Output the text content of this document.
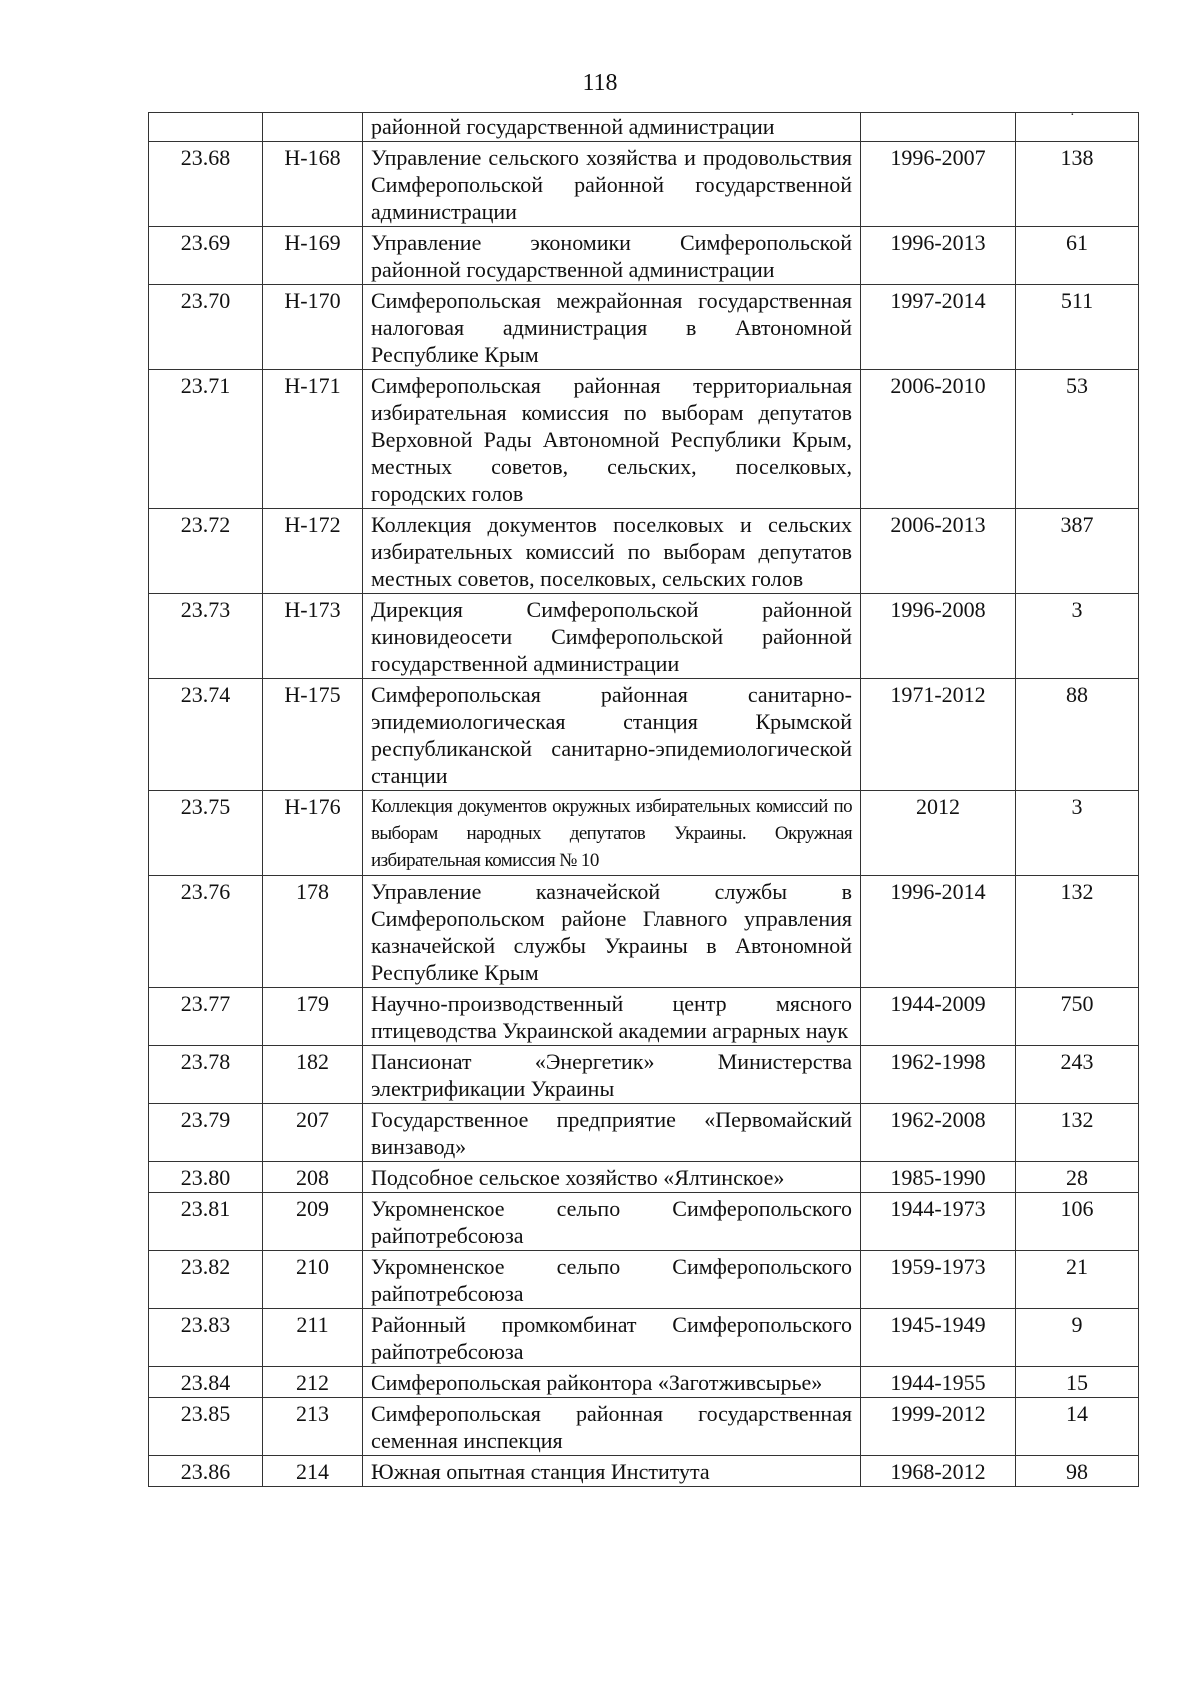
118
·
		районной государственной администрации		
23.68	Н-168	Управление сельского хозяйства и продовольствия Симферопольской районной государственной администрации	1996-2007	138
23.69	Н-169	Управление экономики Симферопольской районной государственной администрации	1996-2013	61
23.70	Н-170	Симферопольская межрайонная государственная налоговая администрация в Автономной Республике Крым	1997-2014	511
23.71	Н-171	Симферопольская районная территориальная избирательная комиссия по выборам депутатов Верховной Рады Автономной Республики Крым, местных советов, сельских, поселковых, городских голов	2006-2010	53
23.72	Н-172	Коллекция документов поселковых и сельских избирательных комиссий по выборам депутатов местных советов, поселковых, сельских голов	2006-2013	387
23.73	Н-173	Дирекция Симферопольской районной киновидеосети Симферопольской районной государственной администрации	1996-2008	3
23.74	Н-175	Симферопольская районная санитарно-эпидемиологическая станция Крымской республиканской санитарно-эпидемиологической станции	1971-2012	88
23.75	Н-176	Коллекция документов окружных избирательных комиссий по выборам народных депутатов Украины. Окружная избирательная комиссия № 10	2012	3
23.76	178	Управление казначейской службы в Симферопольском районе Главного управления казначейской службы Украины в Автономной Республике Крым	1996-2014	132
23.77	179	Научно-производственный центр мясного птицеводства Украинской академии аграрных наук	1944-2009	750
23.78	182	Пансионат «Энергетик» Министерства электрификации Украины	1962-1998	243
23.79	207	Государственное предприятие «Первомайский винзавод»	1962-2008	132
23.80	208	Подсобное сельское хозяйство «Ялтинское»	1985-1990	28
23.81	209	Укромненское сельпо Симферопольского райпотребсоюза	1944-1973	106
23.82	210	Укромненское сельпо Симферопольского райпотребсоюза	1959-1973	21
23.83	211	Районный промкомбинат Симферопольского райпотребсоюза	1945-1949	9
23.84	212	Симферопольская райконтора «Заготживсырье»	1944-1955	15
23.85	213	Симферопольская районная государственная семенная инспекция	1999-2012	14
23.86	214	Южная опытная станция Института	1968-2012	98
